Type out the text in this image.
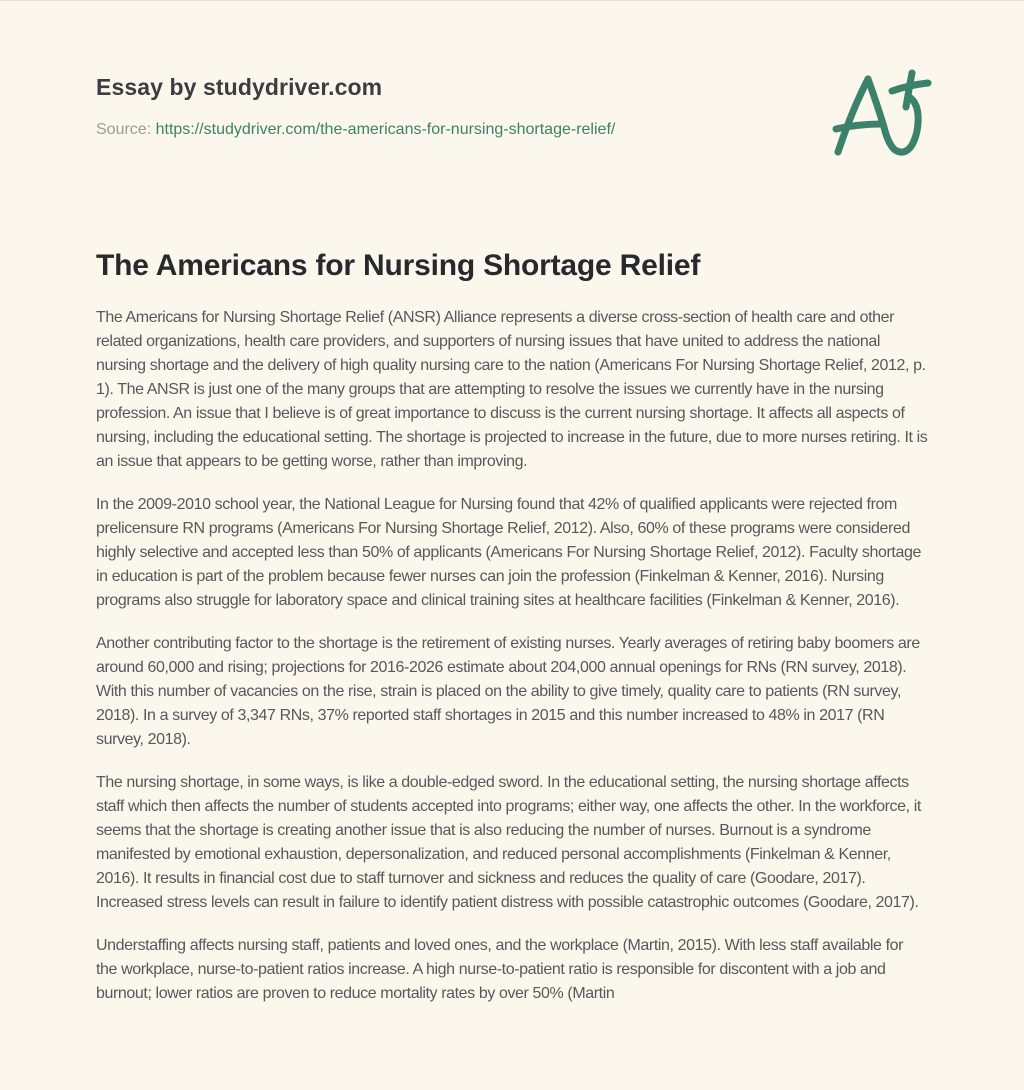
Essay by studydriver.com

Source: https://studydriver.com/the-americans-for-nursing-shortage-relief/

The Americans for Nursing Shortage Relief

The Americans for Nursing Shortage Relief (ANSR) Alliance represents a diverse cross-section of health care and other related organizations, health care providers, and supporters of nursing issues that have united to address the national nursing shortage and the delivery of high quality nursing care to the nation (Americans For Nursing Shortage Relief, 2012, p. 1). The ANSR is just one of the many groups that are attempting to resolve the issues we currently have in the nursing profession. An issue that I believe is of great importance to discuss is the current nursing shortage. It affects all aspects of nursing, including the educational setting. The shortage is projected to increase in the future, due to more nurses retiring. It is an issue that appears to be getting worse, rather than improving.

In the 2009-2010 school year, the National League for Nursing found that 42% of qualified applicants were rejected from prelicensure RN programs (Americans For Nursing Shortage Relief, 2012). Also, 60% of these programs were considered highly selective and accepted less than 50% of applicants (Americans For Nursing Shortage Relief, 2012). Faculty shortage in education is part of the problem because fewer nurses can join the profession (Finkelman & Kenner, 2016). Nursing programs also struggle for laboratory space and clinical training sites at healthcare facilities (Finkelman & Kenner, 2016).

Another contributing factor to the shortage is the retirement of existing nurses. Yearly averages of retiring baby boomers are around 60,000 and rising; projections for 2016-2026 estimate about 204,000 annual openings for RNs (RN survey, 2018). With this number of vacancies on the rise, strain is placed on the ability to give timely, quality care to patients (RN survey, 2018). In a survey of 3,347 RNs, 37% reported staff shortages in 2015 and this number increased to 48% in 2017 (RN survey, 2018).

The nursing shortage, in some ways, is like a double-edged sword. In the educational setting, the nursing shortage affects staff which then affects the number of students accepted into programs; either way, one affects the other. In the workforce, it seems that the shortage is creating another issue that is also reducing the number of nurses. Burnout is a syndrome manifested by emotional exhaustion, depersonalization, and reduced personal accomplishments (Finkelman & Kenner, 2016). It results in financial cost due to staff turnover and sickness and reduces the quality of care (Goodare, 2017). Increased stress levels can result in failure to identify patient distress with possible catastrophic outcomes (Goodare, 2017).

Understaffing affects nursing staff, patients and loved ones, and the workplace (Martin, 2015). With less staff available for the workplace, nurse-to-patient ratios increase. A high nurse-to-patient ratio is responsible for discontent with a job and burnout; lower ratios are proven to reduce mortality rates by over 50% (Martin
